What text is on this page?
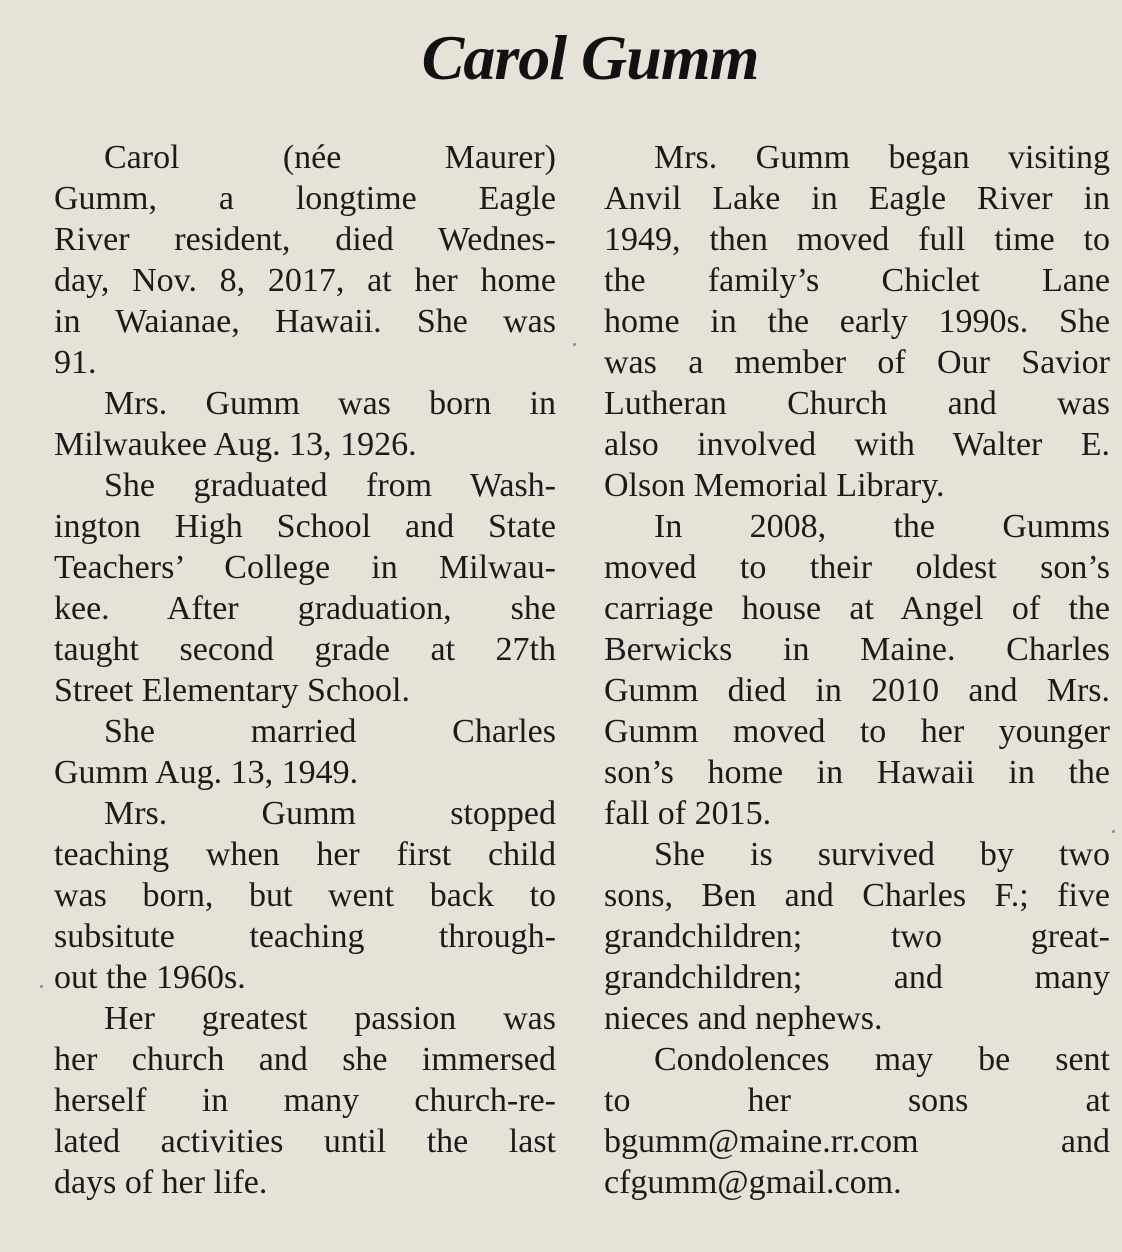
Carol Gumm
Carol (née Maurer)
Gumm, a longtime Eagle
River resident, died Wednes-
day, Nov. 8, 2017, at her home
in Waianae, Hawaii. She was
91.
Mrs. Gumm was born in
Milwaukee Aug. 13, 1926.
She graduated from Wash-
ington High School and State
Teachers’ College in Milwau-
kee. After graduation, she
taught second grade at 27th
Street Elementary School.
She married Charles
Gumm Aug. 13, 1949.
Mrs. Gumm stopped
teaching when her first child
was born, but went back to
subsitute teaching through-
out the 1960s.
Her greatest passion was
her church and she immersed
herself in many church-re-
lated activities until the last
days of her life.
Mrs. Gumm began visiting
Anvil Lake in Eagle River in
1949, then moved full time to
the family’s Chiclet Lane
home in the early 1990s. She
was a member of Our Savior
Lutheran Church and was
also involved with Walter E.
Olson Memorial Library.
In 2008, the Gumms
moved to their oldest son’s
carriage house at Angel of the
Berwicks in Maine. Charles
Gumm died in 2010 and Mrs.
Gumm moved to her younger
son’s home in Hawaii in the
fall of 2015.
She is survived by two
sons, Ben and Charles F.; five
grandchildren; two great-
grandchildren; and many
nieces and nephews.
Condolences may be sent
to her sons at
bgumm@maine.rr.com and
cfgumm@gmail.com.
